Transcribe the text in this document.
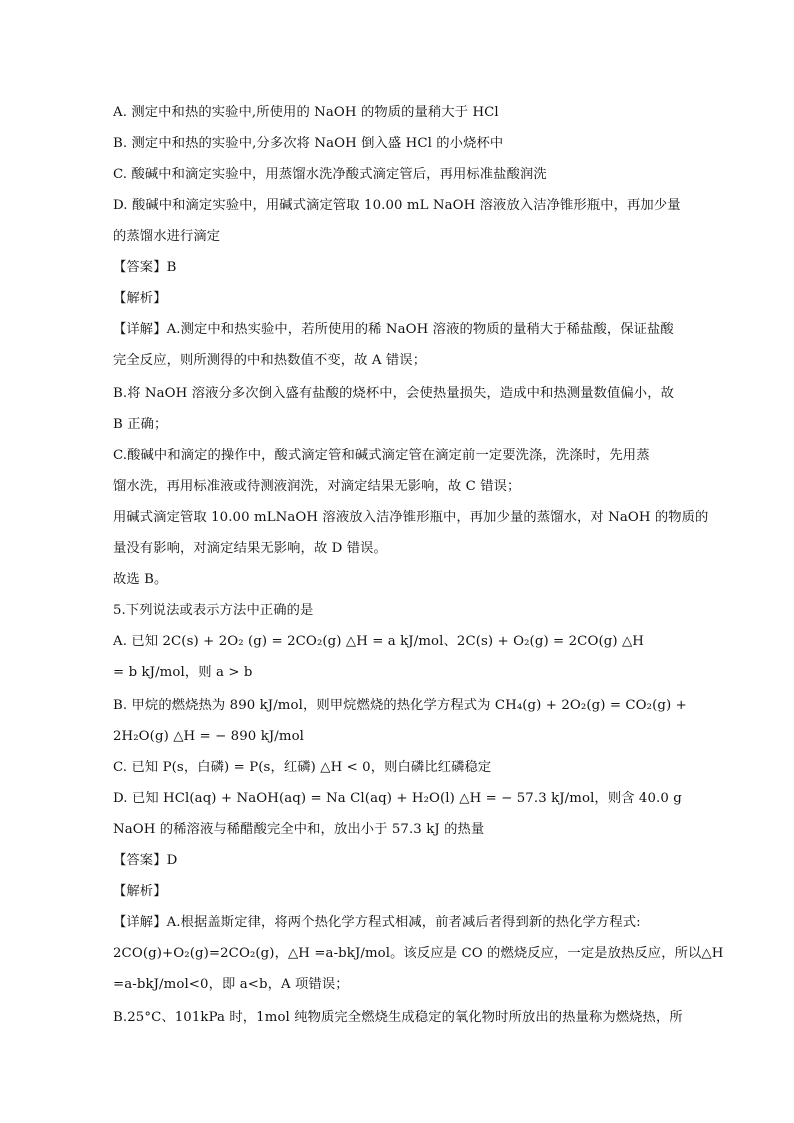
A. 测定中和热的实验中,所使用的 NaOH 的物质的量稍大于 HCl
B. 测定中和热的实验中,分多次将 NaOH 倒入盛 HCl 的小烧杯中
C. 酸碱中和滴定实验中，用蒸馏水洗净酸式滴定管后，再用标准盐酸润洗
D. 酸碱中和滴定实验中，用碱式滴定管取 10.00 mL NaOH 溶液放入洁净锥形瓶中，再加少量
的蒸馏水进行滴定
【答案】B
【解析】
【详解】A.测定中和热实验中，若所使用的稀 NaOH 溶液的物质的量稍大于稀盐酸，保证盐酸
完全反应，则所测得的中和热数值不变，故 A 错误；
B.将 NaOH 溶液分多次倒入盛有盐酸的烧杯中，会使热量损失，造成中和热测量数值偏小，故
B 正确；
C.酸碱中和滴定的操作中，酸式滴定管和碱式滴定管在滴定前一定要洗涤，洗涤时，先用蒸
馏水洗，再用标准液或待测液润洗，对滴定结果无影响，故 C 错误；
用碱式滴定管取 10.00 mLNaOH 溶液放入洁净锥形瓶中，再加少量的蒸馏水，对 NaOH 的物质的
量没有影响，对滴定结果无影响，故 D 错误。
故选 B。
5.下列说法或表示方法中正确的是
A. 已知 2C(s) + 2O₂ (g) = 2CO₂(g) △H = a kJ/mol、2C(s) + O₂(g) = 2CO(g) △H
= b kJ/mol，则 a > b
B. 甲烷的燃烧热为 890 kJ/mol，则甲烷燃烧的热化学方程式为 CH₄(g) + 2O₂(g) = CO₂(g) +
2H₂O(g) △H = − 890 kJ/mol
C. 已知 P(s，白磷) = P(s，红磷) △H < 0，则白磷比红磷稳定
D. 已知 HCl(aq) + NaOH(aq) = Na Cl(aq) + H₂O(l) △H = − 57.3 kJ/mol，则含 40.0 g
NaOH 的稀溶液与稀醋酸完全中和，放出小于 57.3 kJ 的热量
【答案】D
【解析】
【详解】A.根据盖斯定律，将两个热化学方程式相减，前者减后者得到新的热化学方程式:
2CO(g)+O₂(g)=2CO₂(g)，△H =a-bkJ/mol。该反应是 CO 的燃烧反应，一定是放热反应，所以△H
=a-bkJ/mol<0，即 a<b，A 项错误；
B.25°C、101kPa 时，1mol 纯物质完全燃烧生成稳定的氧化物时所放出的热量称为燃烧热，所
